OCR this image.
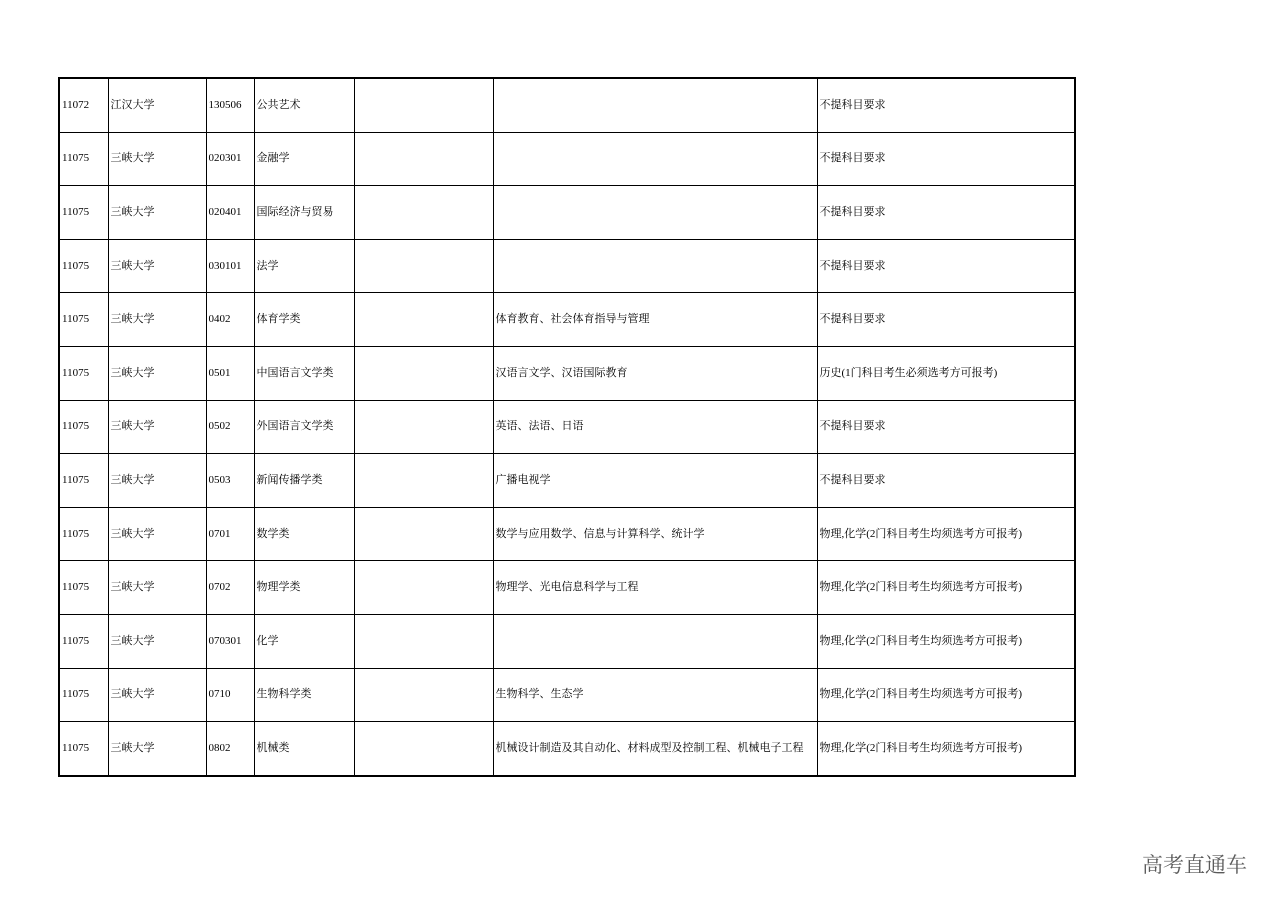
11072	江汉大学	130506	公共艺术			不提科目要求
11075	三峡大学	020301	金融学			不提科目要求
11075	三峡大学	020401	国际经济与贸易			不提科目要求
11075	三峡大学	030101	法学			不提科目要求
11075	三峡大学	0402	体育学类		体育教育、社会体育指导与管理	不提科目要求
11075	三峡大学	0501	中国语言文学类		汉语言文学、汉语国际教育	历史(1门科目考生必须选考方可报考)
11075	三峡大学	0502	外国语言文学类		英语、法语、日语	不提科目要求
11075	三峡大学	0503	新闻传播学类		广播电视学	不提科目要求
11075	三峡大学	0701	数学类		数学与应用数学、信息与计算科学、统计学	物理,化学(2门科目考生均须选考方可报考)
11075	三峡大学	0702	物理学类		物理学、光电信息科学与工程	物理,化学(2门科目考生均须选考方可报考)
11075	三峡大学	070301	化学			物理,化学(2门科目考生均须选考方可报考)
11075	三峡大学	0710	生物科学类		生物科学、生态学	物理,化学(2门科目考生均须选考方可报考)
11075	三峡大学	0802	机械类		机械设计制造及其自动化、材料成型及控制工程、机械电子工程	物理,化学(2门科目考生均须选考方可报考)
高考直通车
